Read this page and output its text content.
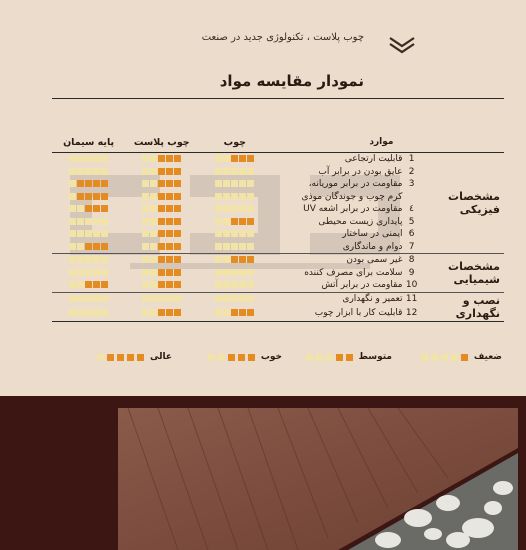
چوب پلاست ، تکنولوژی جدید در صنعت
نمودار مقایسه مواد
		موارد	چوب	چوب پلاست	پایه سیمان

مشخصات فیزیکی	1	قابلیت ارتجاعی			
	2	عایق بودن در برابر آب			
	3	مقاومت در برابر موریانه،			
		کرم چوب و جوندگان موذی			
	٤	مقاومت در برابر اشعه UV			
	5	پایداری زیست محیطی			
	6	ایمنی در ساختار			
	7	دوام و ماندگاری			

مشخصات شیمیایی	8	غیر سمی بودن			
	9	سلامت برای مصرف کننده			
	10	مقاومت در برابر آتش			

نصب و نگهداری	11	تعمیر و نگهداری			
	12	قابلیت کار با ابزار چوب			

ضعیف
متوسط
خوب
عالی
